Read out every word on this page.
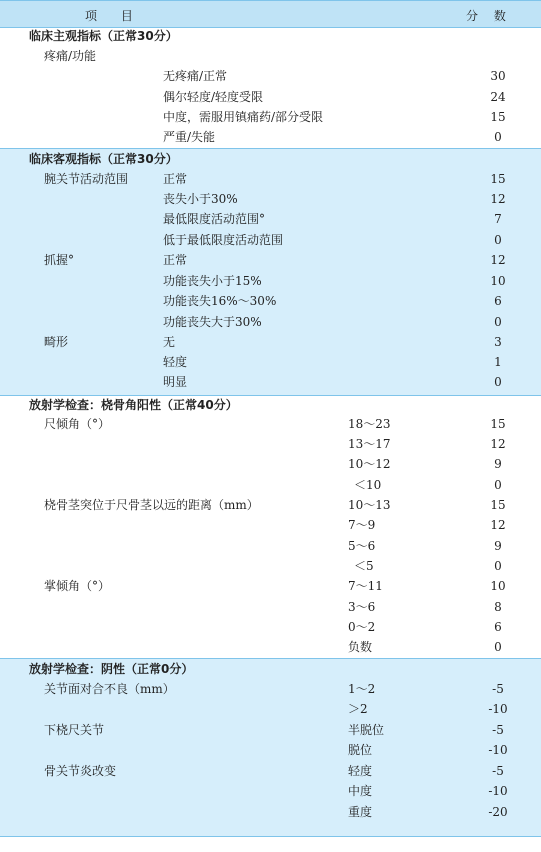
项 目	分 数
临床主观指标（正常30分）
疼痛/功能
无疼痛/正常	30
偶尔轻度/轻度受限	24
中度，需服用镇痛药/部分受限	15
严重/失能	0
临床客观指标（正常30分）
腕关节活动范围	正常	15
丧失小于30%	12
最低限度活动范围°	7
低于最低限度活动范围	0
抓握°	正常	12
功能丧失小于15%	10
功能丧失16%～30%	6
功能丧失大于30%	0
畸形	无	3
轻度	1
明显	0
放射学检查：桡骨角阳性（正常40分）
尺倾角（°）	18～23	15
13～17	12
10～12	9
＜10	0
桡骨茎突位于尺骨茎以远的距离（mm）	10～13	15
7～9	12
5～6	9
＜5	0
掌倾角（°）	7～11	10
3～6	8
0～2	6
负数	0
放射学检查：阴性（正常0分）
关节面对合不良（mm）	1～2	-5
＞2	-10
下桡尺关节	半脱位	-5
脱位	-10
骨关节炎改变	轻度	-5
中度	-10
重度	-20
